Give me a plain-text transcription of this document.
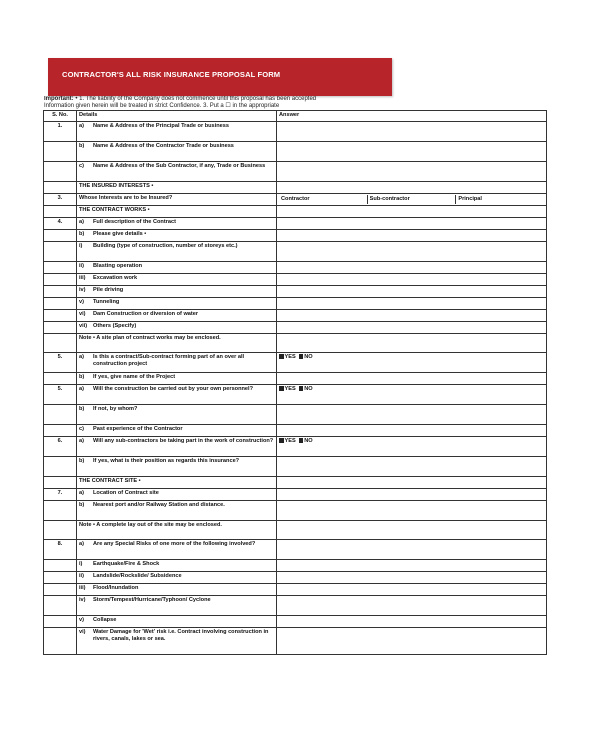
CONTRACTOR'S ALL RISK INSURANCE PROPOSAL FORM
Important: • 1. The liability of the Company does not commence until this proposal has been accepted
Information given herein will be treated in strict Confidence. 3. Put a ☐ in the appropriate
S. No.	Details	Answer
1.	a) Name & Address of the Principal Trade or business	

	b) Name & Address of the Contractor Trade or business	

	c) Name & Address of the Sub Contractor, if any, Trade or Business	

	THE INSURED INTERESTS •	
3.	Whose Interests are to be Insured?	Contractor Sub-contractor Principal

	THE CONTRACT WORKS •	
4.	a) Full description of the Contract	

	b) Please give details •	

	i) Building (type of construction, number of storeys etc.)	

	ii) Blasting operation	

	iii) Excavation work	

	iv) Pile driving	

	v) Tunneling	

	vi) Dam Construction or diversion of water	

	vii) Others (Specify)	

	Note • A site plan of contract works may be enclosed.	
5.	a) Is this a contract/Sub-contract forming part of an over all construction project	YES NO

	b) If yes, give name of the Project	

5.	a) Will the construction be carried out by your own personnel?	YES NO

	b) If not, by whom?	

	c) Past experience of the Contractor	

6.	a) Will any sub-contractors be taking part in the work of construction?	YES NO

	b) If yes, what is their position as regards this insurance?	

	THE CONTRACT SITE •	
7.	a) Location of Contract site	

	b) Nearest port and/or Railway Station and distance.	

	Note • A complete lay out of the site may be enclosed.	
8.	a) Are any Special Risks of one more of the following involved?	

	i) Earthquake/Fire & Shock	

	ii) Landslide/Rockslide/ Subsidence	

	iii) Flood/Inundation	

	iv) Storm/Tempest/Hurricane/Typhoon/ Cyclone	

	v) Collapse	

	vi) Water Damage for 'Wet' risk i.e. Contract involving construction in rivers, canals, lakes or sea.	
